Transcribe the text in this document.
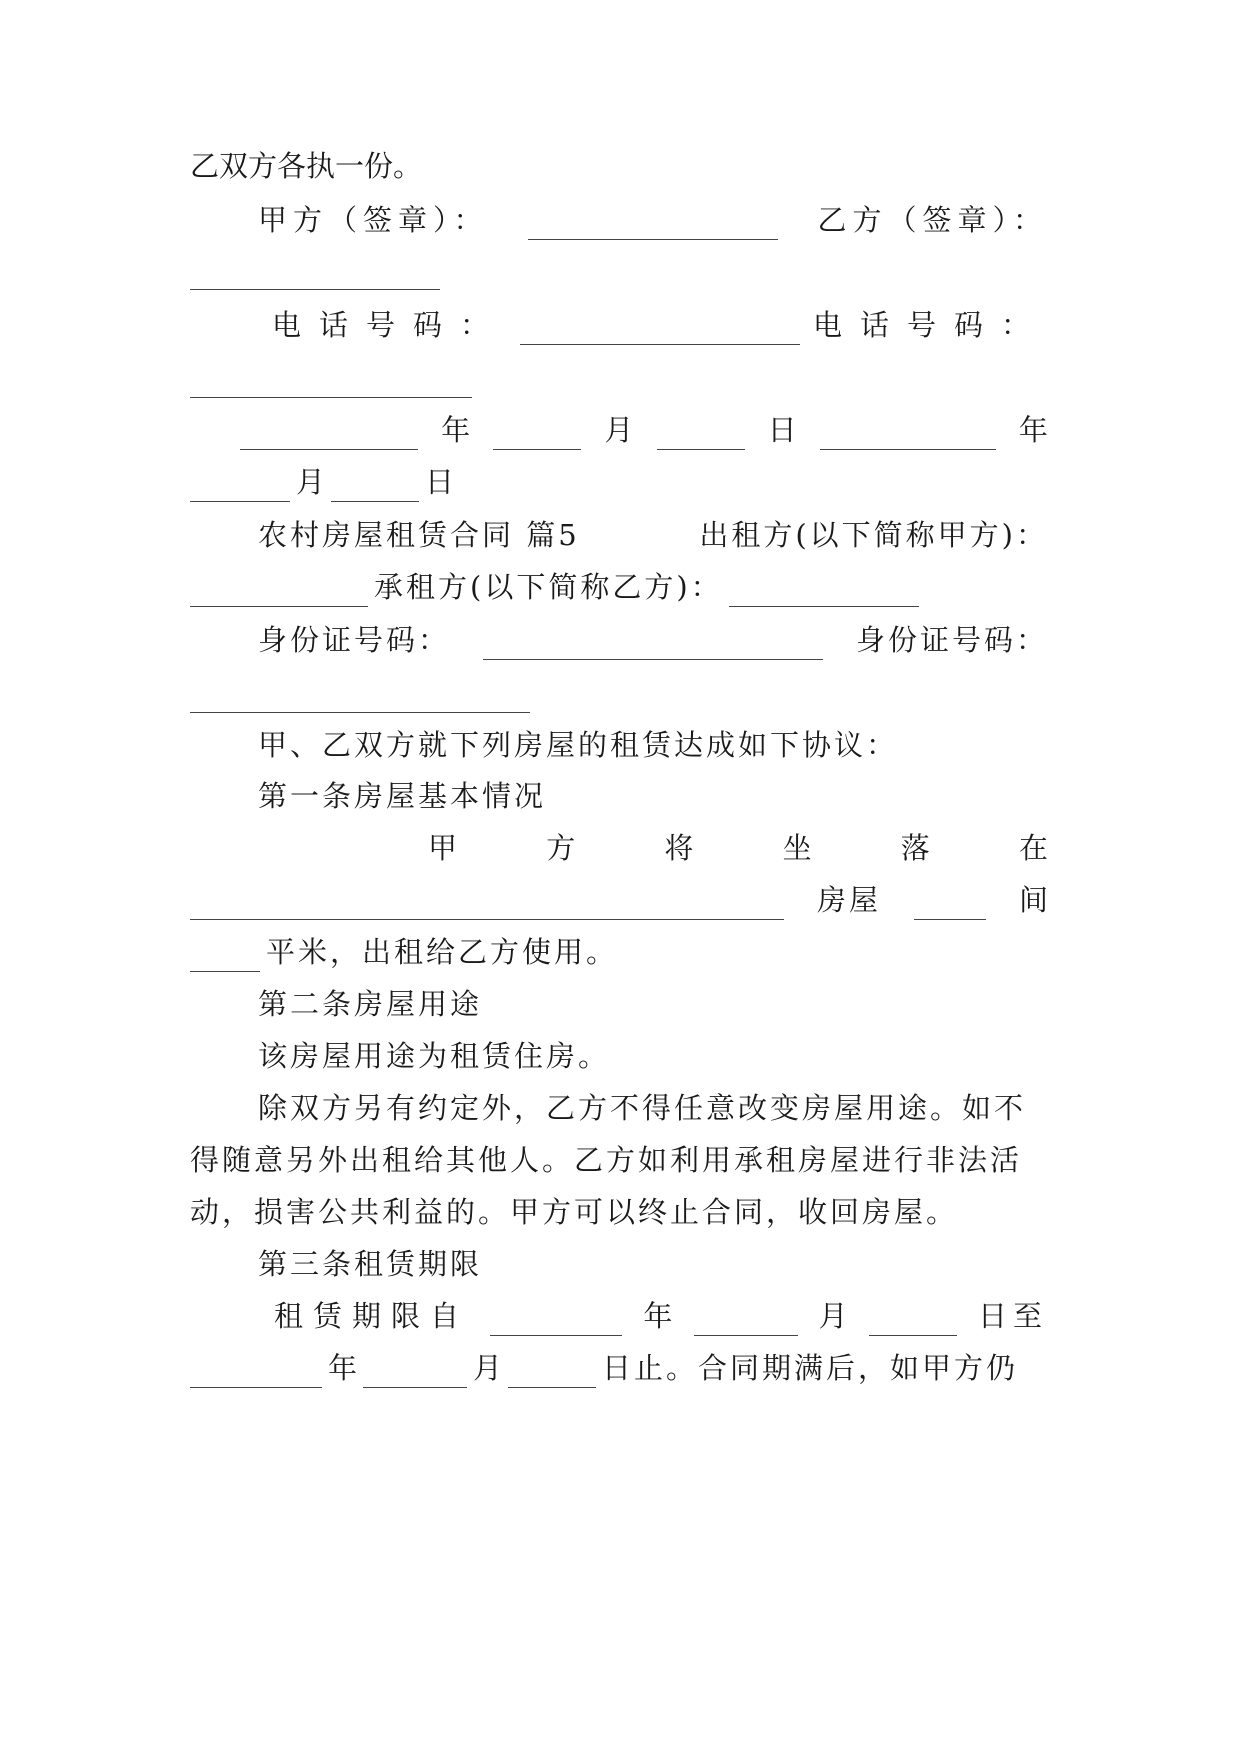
乙双方各执一份。
甲方（签章）：	乙方（签章）：
电话号码：	电话号码：
年	月	日	年
月	日
农村房屋租赁合同 篇5	出租方(以下简称甲方)：
承租方(以下简称乙方)：
身份证号码：	身份证号码：
甲、乙双方就下列房屋的租赁达成如下协议：
第一条房屋基本情况
甲	方	将	坐	落	在
房屋	间
平米，出租给乙方使用。
第二条房屋用途
该房屋用途为租赁住房。
除双方另有约定外，乙方不得任意改变房屋用途。如不
得随意另外出租给其他人。乙方如利用承租房屋进行非法活
动，损害公共利益的。甲方可以终止合同，收回房屋。
第三条租赁期限
租赁期限自	年	月	日至
年	月	日止。合同期满后，如甲方仍
